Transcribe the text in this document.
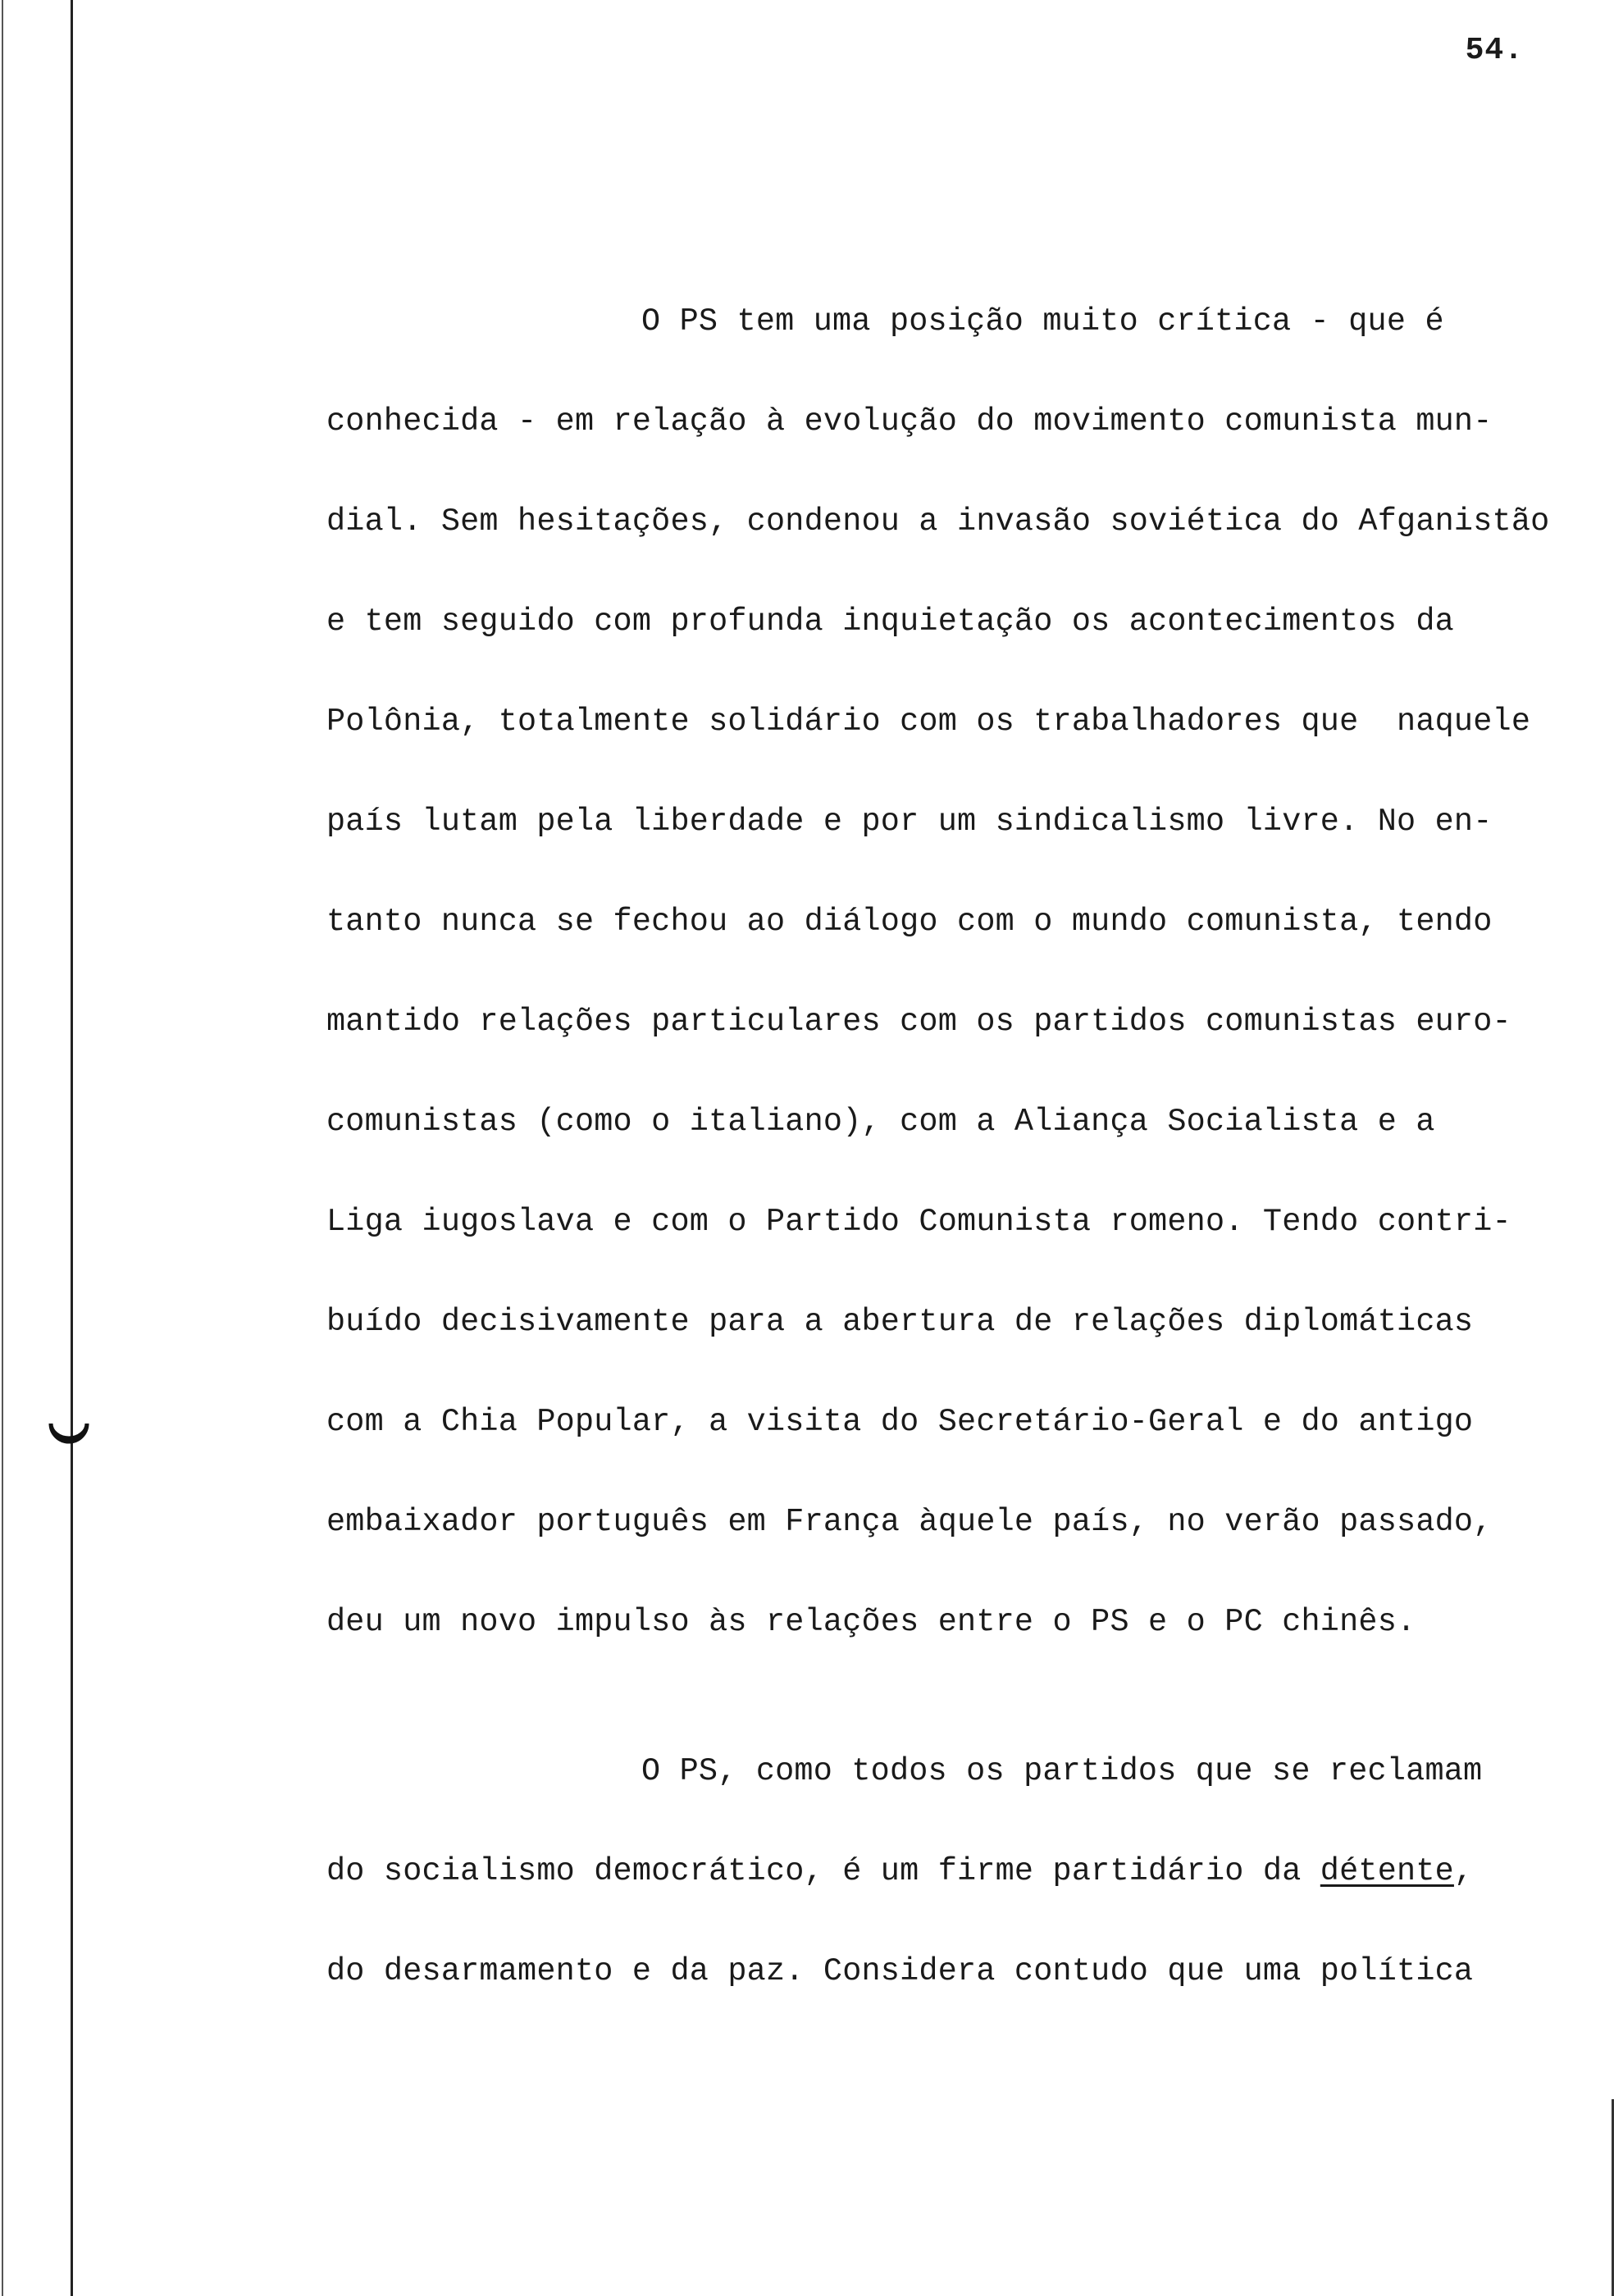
54.
O PS tem uma posição muito crítica - que é
conhecida - em relação à evolução do movimento comunista mun-
dial. Sem hesitações, condenou a invasão soviética do Afganistão
e tem seguido com profunda inquietação os acontecimentos da
Polônia, totalmente solidário com os trabalhadores que  naquele
país lutam pela liberdade e por um sindicalismo livre. No en-
tanto nunca se fechou ao diálogo com o mundo comunista, tendo
mantido relações particulares com os partidos comunistas euro-
comunistas (como o italiano), com a Aliança Socialista e a
Liga iugoslava e com o Partido Comunista romeno. Tendo contri-
buído decisivamente para a abertura de relações diplomáticas
com a Chia Popular, a visita do Secretário-Geral e do antigo
embaixador português em França àquele país, no verão passado,
deu um novo impulso às relações entre o PS e o PC chinês.
O PS, como todos os partidos que se reclamam
do socialismo democrático, é um firme partidário da détente,
do desarmamento e da paz. Considera contudo que uma política
